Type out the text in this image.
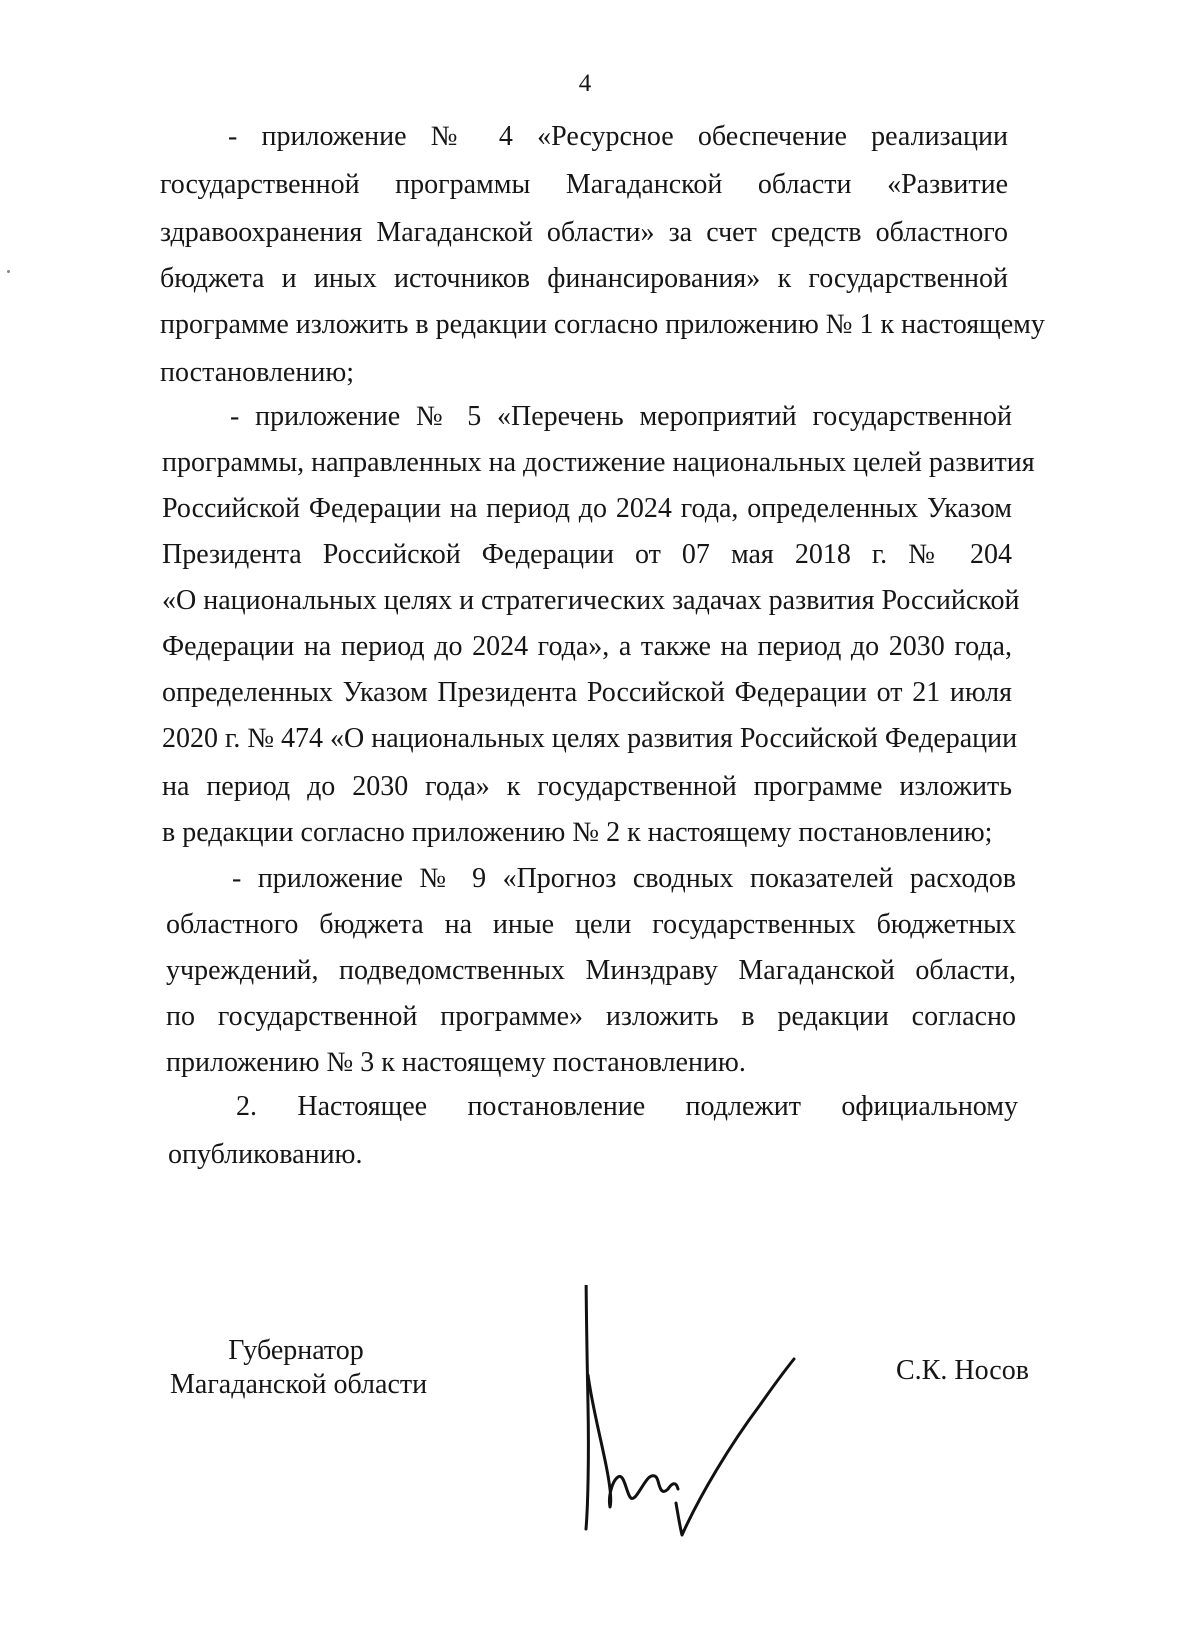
4
- приложение № 4 «Ресурсное обеспечение реализации
государственной программы Магаданской области «Развитие
здравоохранения Магаданской области» за счет средств областного
бюджета и иных источников финансирования» к государственной
программе изложить в редакции согласно приложению № 1 к настоящему
постановлению;
- приложение № 5 «Перечень мероприятий государственной
программы, направленных на достижение национальных целей развития
Российской Федерации на период до 2024 года, определенных Указом
Президента Российской Федерации от 07 мая 2018 г. № 204
«О национальных целях и стратегических задачах развития Российской
Федерации на период до 2024 года», а также на период до 2030 года,
определенных Указом Президента Российской Федерации от 21 июля
2020 г. № 474 «О национальных целях развития Российской Федерации
на период до 2030 года» к государственной программе изложить
в редакции согласно приложению № 2 к настоящему постановлению;
- приложение № 9 «Прогноз сводных показателей расходов
областного бюджета на иные цели государственных бюджетных
учреждений, подведомственных Минздраву Магаданской области,
по государственной программе» изложить в редакции согласно
приложению № 3 к настоящему постановлению.
2. Настоящее постановление подлежит официальному
опубликованию.
Губернатор
Магаданской области	С.К. Носов
